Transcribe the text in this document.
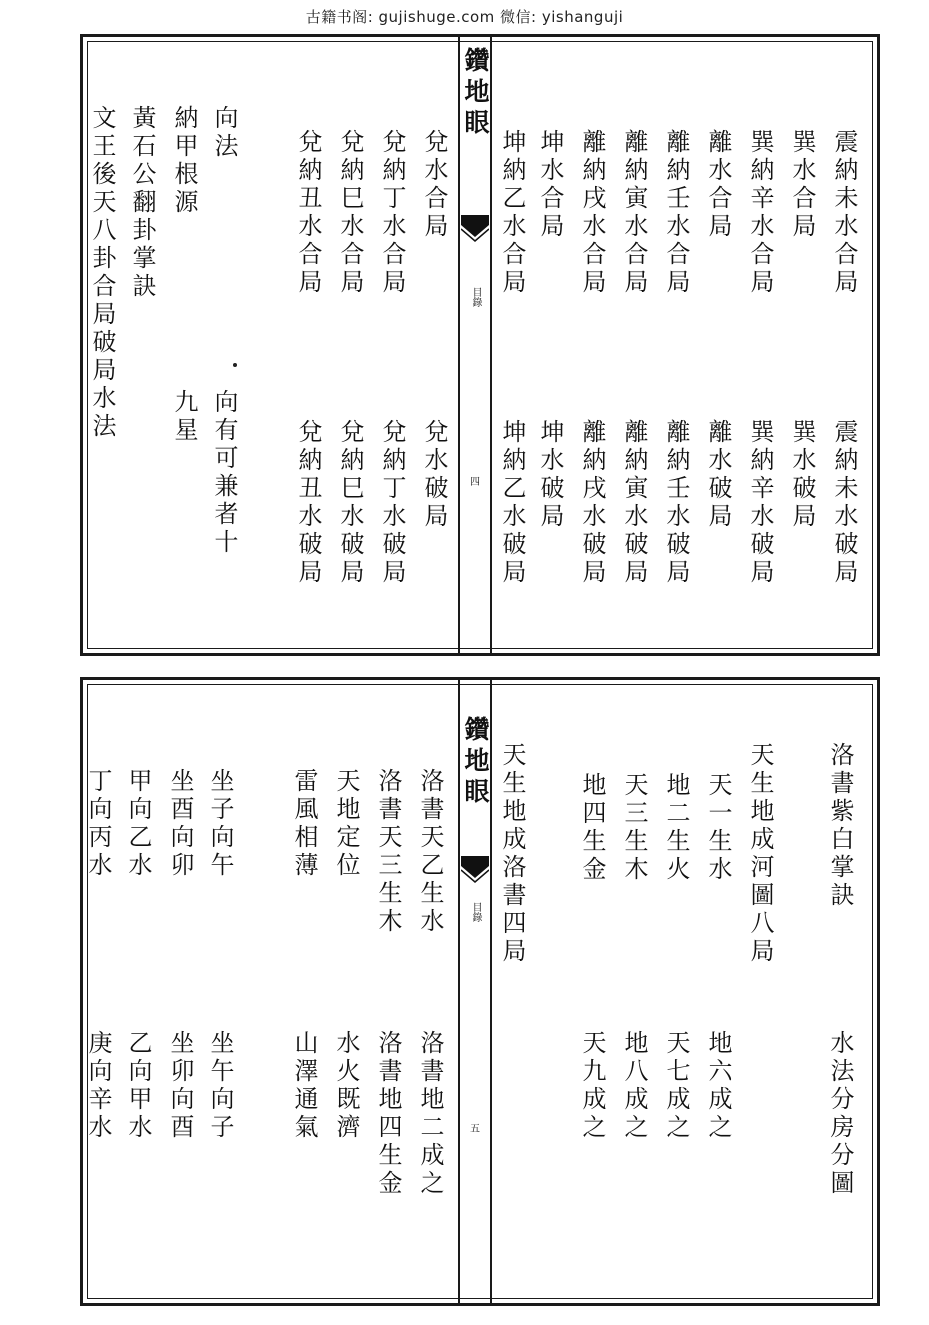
古籍书阁: gujishuge.com 微信: yishanguji
鑽地眼
目錄
四
震納未水合局
巽水合局
巽納辛水合局
離水合局
離納壬水合局
離納寅水合局
離納戌水合局
坤水合局
坤納乙水合局
震納未水破局
巽水破局
巽納辛水破局
離水破局
離納壬水破局
離納寅水破局
離納戌水破局
坤水破局
坤納乙水破局
兌水合局
兌納丁水合局
兌納巳水合局
兌納丑水合局
向法
納甲根源
黃石公翻卦掌訣
文王後天八卦合局破局水法
兌水破局
兌納丁水破局
兌納巳水破局
兌納丑水破局
向有可兼者十
九星
鑽地眼
目錄
五
洛書紫白掌訣
天生地成河圖八局
天一生水
地二生火
天三生木
地四生金
天生地成洛書四局
水法分房分圖
地六成之
天七成之
地八成之
天九成之
洛書天乙生水
洛書天三生木
天地定位
雷風相薄
坐子向午
坐酉向卯
甲向乙水
丁向丙水
洛書地二成之
洛書地四生金
水火既濟
山澤通氣
坐午向子
坐卯向酉
乙向甲水
庚向辛水
